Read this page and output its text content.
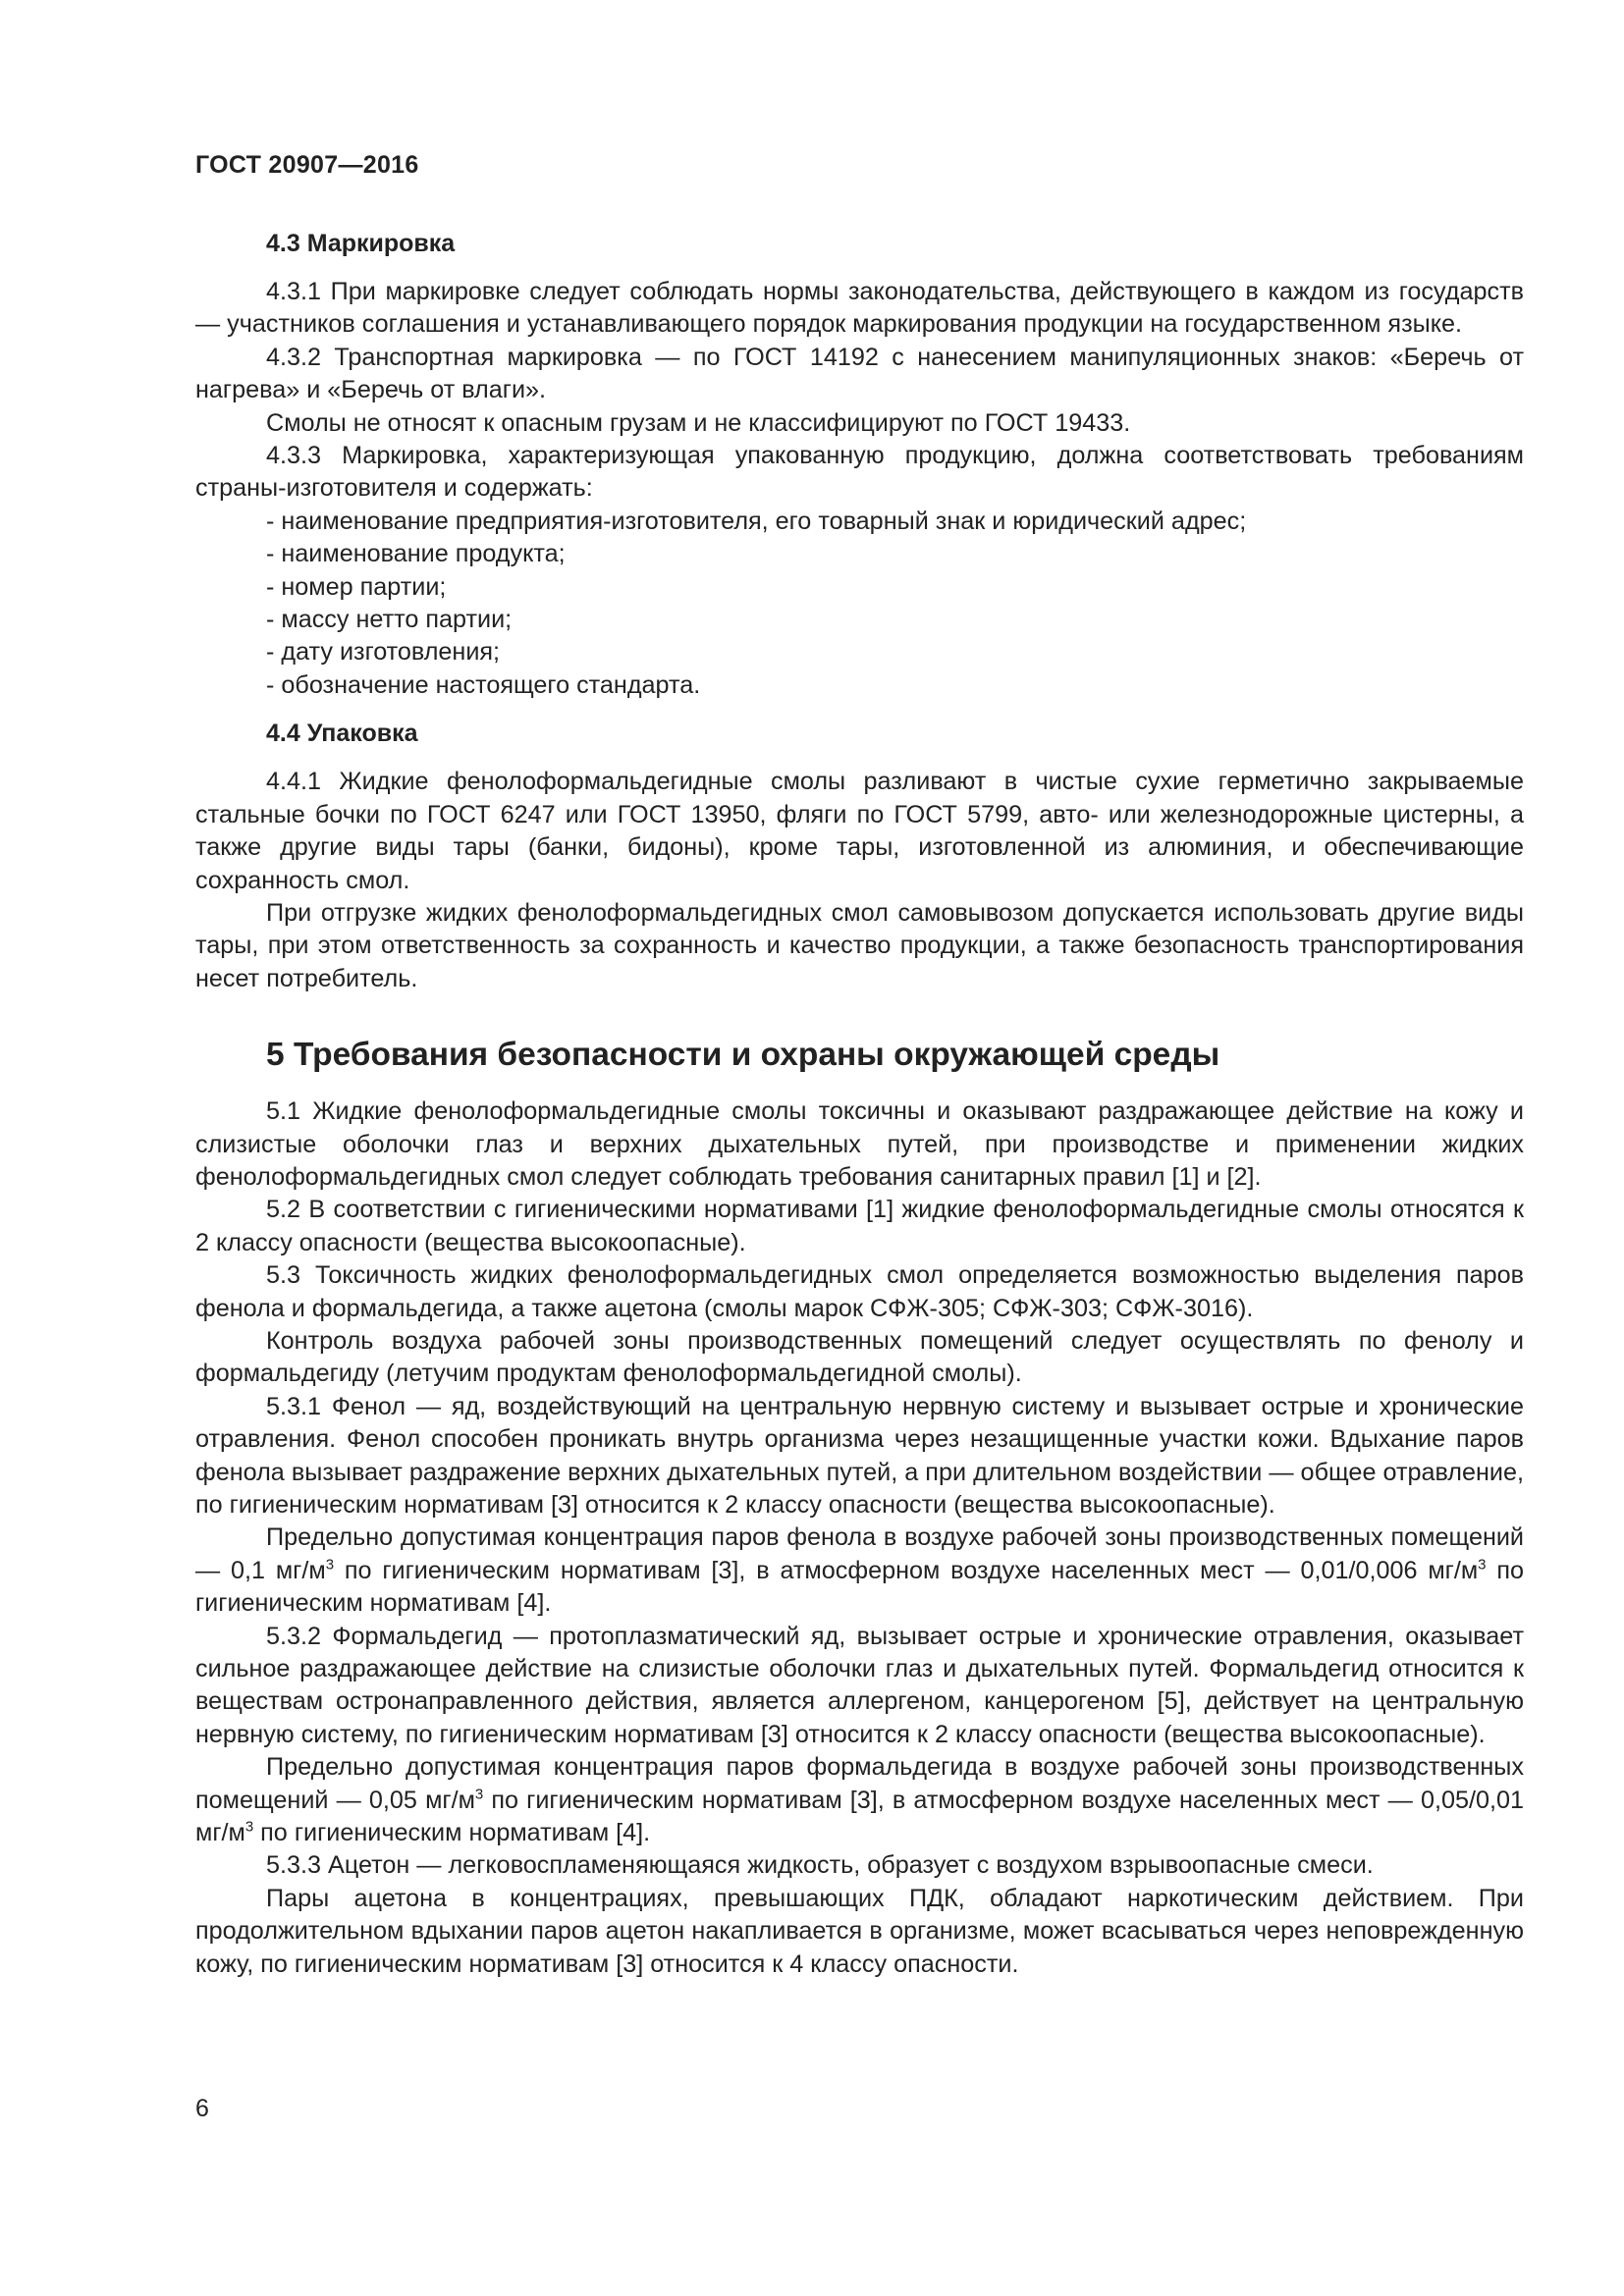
ГОСТ 20907—2016
4.3 Маркировка

4.3.1 При маркировке следует соблюдать нормы законодательства, действующего в каждом из государств — участников соглашения и устанавливающего порядок маркирования продукции на государственном языке.

4.3.2 Транспортная маркировка — по ГОСТ 14192 с нанесением манипуляционных знаков: «Беречь от нагрева» и «Беречь от влаги».

Смолы не относят к опасным грузам и не классифицируют по ГОСТ 19433.

4.3.3 Маркировка, характеризующая упакованную продукцию, должна соответствовать требованиям страны-изготовителя и содержать:

- наименование предприятия-изготовителя, его товарный знак и юридический адрес;

- наименование продукта;

- номер партии;

- массу нетто партии;

- дату изготовления;

- обозначение настоящего стандарта.

4.4 Упаковка

4.4.1 Жидкие фенолоформальдегидные смолы разливают в чистые сухие герметично закрываемые стальные бочки по ГОСТ 6247 или ГОСТ 13950, фляги по ГОСТ 5799, авто- или железнодорожные цистерны, а также другие виды тары (банки, бидоны), кроме тары, изготовленной из алюминия, и обеспечивающие сохранность смол.

При отгрузке жидких фенолоформальдегидных смол самовывозом допускается использовать другие виды тары, при этом ответственность за сохранность и качество продукции, а также безопасность транспортирования несет потребитель.

5 Требования безопасности и охраны окружающей среды

5.1 Жидкие фенолоформальдегидные смолы токсичны и оказывают раздражающее действие на кожу и слизистые оболочки глаз и верхних дыхательных путей, при производстве и применении жидких фенолоформальдегидных смол следует соблюдать требования санитарных правил [1] и [2].

5.2 В соответствии с гигиеническими нормативами [1] жидкие фенолоформальдегидные смолы относятся к 2 классу опасности (вещества высокоопасные).

5.3 Токсичность жидких фенолоформальдегидных смол определяется возможностью выделения паров фенола и формальдегида, а также ацетона (смолы марок СФЖ-305; СФЖ-303; СФЖ-3016).

Контроль воздуха рабочей зоны производственных помещений следует осуществлять по фенолу и формальдегиду (летучим продуктам фенолоформальдегидной смолы).

5.3.1 Фенол — яд, воздействующий на центральную нервную систему и вызывает острые и хронические отравления. Фенол способен проникать внутрь организма через незащищенные участки кожи. Вдыхание паров фенола вызывает раздражение верхних дыхательных путей, а при длительном воздействии — общее отравление, по гигиеническим нормативам [3] относится к 2 классу опасности (вещества высокоопасные).

Предельно допустимая концентрация паров фенола в воздухе рабочей зоны производственных помещений — 0,1 $мг/м^3$ по гигиеническим нормативам [3], в атмосферном воздухе населенных мест — 0,01/0,006 $мг/м^3$ по гигиеническим нормативам [4].

5.3.2 Формальдегид — протоплазматический яд, вызывает острые и хронические отравления, оказывает сильное раздражающее действие на слизистые оболочки глаз и дыхательных путей. Формальдегид относится к веществам остронаправленного действия, является аллергеном, канцерогеном [5], действует на центральную нервную систему, по гигиеническим нормативам [3] относится к 2 классу опасности (вещества высокоопасные).

Предельно допустимая концентрация паров формальдегида в воздухе рабочей зоны производственных помещений — 0,05 $мг/м^3$ по гигиеническим нормативам [3], в атмосферном воздухе населенных мест — 0,05/0,01 $мг/м^3$ по гигиеническим нормативам [4].

5.3.3 Ацетон — легковоспламеняющаяся жидкость, образует с воздухом взрывоопасные смеси.

Пары ацетона в концентрациях, превышающих ПДК, обладают наркотическим действием. При продолжительном вдыхании паров ацетон накапливается в организме, может всасываться через неповрежденную кожу, по гигиеническим нормативам [3] относится к 4 классу опасности.

6
